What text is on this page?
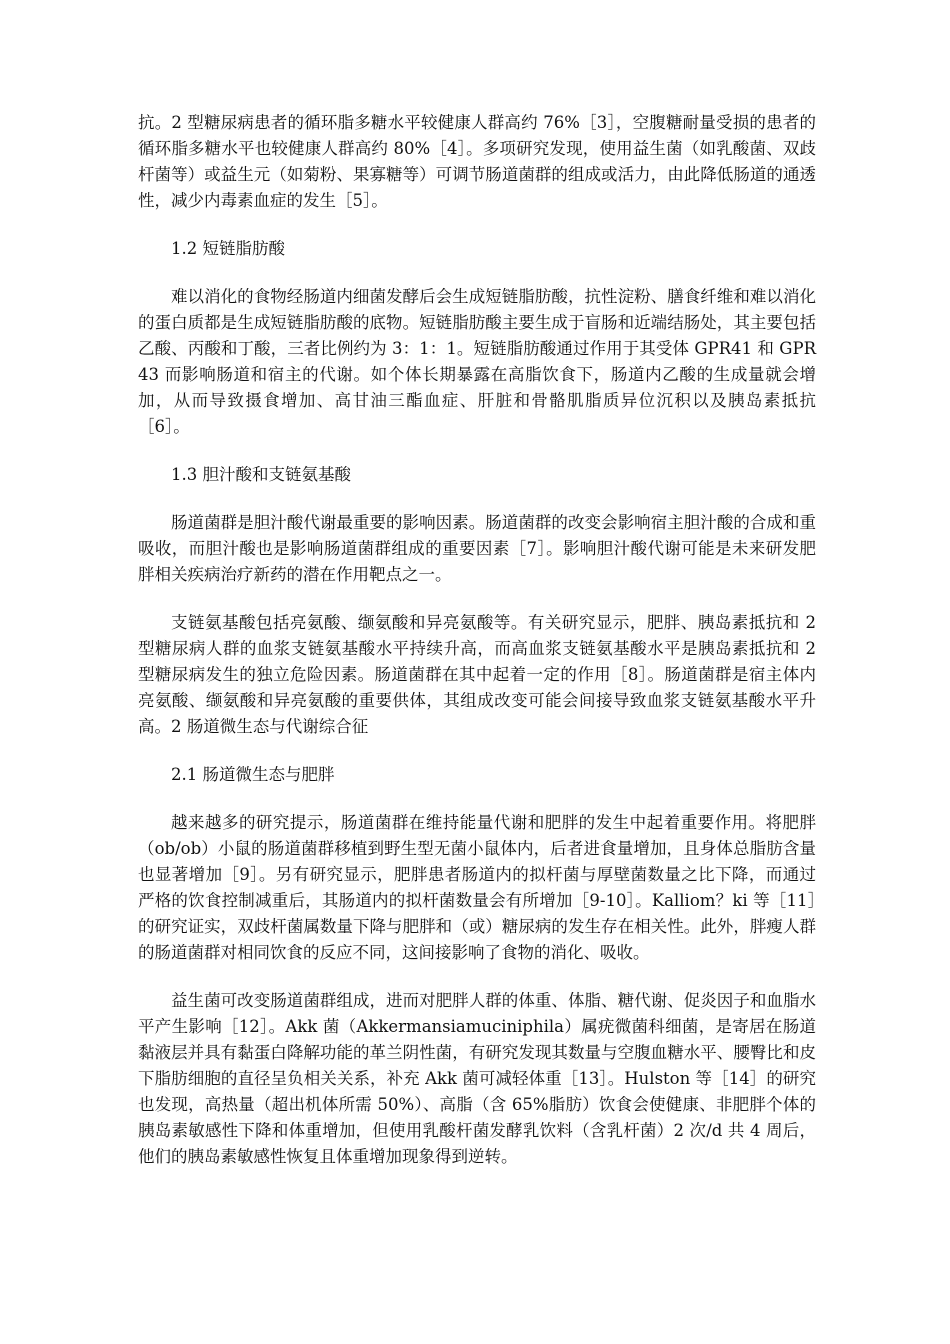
抗。2 型糖尿病患者的循环脂多糖水平较健康人群高约 76%［3］，空腹糖耐量受损的患者的循环脂多糖水平也较健康人群高约 80%［4］。多项研究发现，使用益生菌（如乳酸菌、双歧杆菌等）或益生元（如菊粉、果寡糖等）可调节肠道菌群的组成或活力，由此降低肠道的通透性，减少内毒素血症的发生［5］。

1.2 短链脂肪酸

难以消化的食物经肠道内细菌发酵后会生成短链脂肪酸，抗性淀粉、膳食纤维和难以消化的蛋白质都是生成短链脂肪酸的底物。短链脂肪酸主要生成于盲肠和近端结肠处，其主要包括乙酸、丙酸和丁酸，三者比例约为 3：1：1。短链脂肪酸通过作用于其受体 GPR41 和 GPR43 而影响肠道和宿主的代谢。如个体长期暴露在高脂饮食下，肠道内乙酸的生成量就会增加，从而导致摄食增加、高甘油三酯血症、肝脏和骨骼肌脂质异位沉积以及胰岛素抵抗［6］。

1.3 胆汁酸和支链氨基酸

肠道菌群是胆汁酸代谢最重要的影响因素。肠道菌群的改变会影响宿主胆汁酸的合成和重吸收，而胆汁酸也是影响肠道菌群组成的重要因素［7］。影响胆汁酸代谢可能是未来研发肥胖相关疾病治疗新药的潜在作用靶点之一。

支链氨基酸包括亮氨酸、缬氨酸和异亮氨酸等。有关研究显示，肥胖、胰岛素抵抗和 2 型糖尿病人群的血浆支链氨基酸水平持续升高，而高血浆支链氨基酸水平是胰岛素抵抗和 2 型糖尿病发生的独立危险因素。肠道菌群在其中起着一定的作用［8］。肠道菌群是宿主体内亮氨酸、缬氨酸和异亮氨酸的重要供体，其组成改变可能会间接导致血浆支链氨基酸水平升高。2 肠道微生态与代谢综合征

2.1 肠道微生态与肥胖

越来越多的研究提示，肠道菌群在维持能量代谢和肥胖的发生中起着重要作用。将肥胖（ob/ob）小鼠的肠道菌群移植到野生型无菌小鼠体内，后者进食量增加，且身体总脂肪含量也显著增加［9］。另有研究显示，肥胖患者肠道内的拟杆菌与厚壁菌数量之比下降，而通过严格的饮食控制减重后，其肠道内的拟杆菌数量会有所增加［9-10］。Kalliom？ki 等［11］的研究证实，双歧杆菌属数量下降与肥胖和（或）糖尿病的发生存在相关性。此外，胖瘦人群的肠道菌群对相同饮食的反应不同，这间接影响了食物的消化、吸收。

益生菌可改变肠道菌群组成，进而对肥胖人群的体重、体脂、糖代谢、促炎因子和血脂水平产生影响［12］。Akk 菌（Akkermansiamuciniphila）属疣微菌科细菌，是寄居在肠道黏液层并具有黏蛋白降解功能的革兰阴性菌，有研究发现其数量与空腹血糖水平、腰臀比和皮下脂肪细胞的直径呈负相关关系，补充 Akk 菌可减轻体重［13］。Hulston 等［14］的研究也发现，高热量（超出机体所需 50%）、高脂（含 65%脂肪）饮食会使健康、非肥胖个体的胰岛素敏感性下降和体重增加，但使用乳酸杆菌发酵乳饮料（含乳杆菌）2 次/d 共 4 周后，他们的胰岛素敏感性恢复且体重增加现象得到逆转。
